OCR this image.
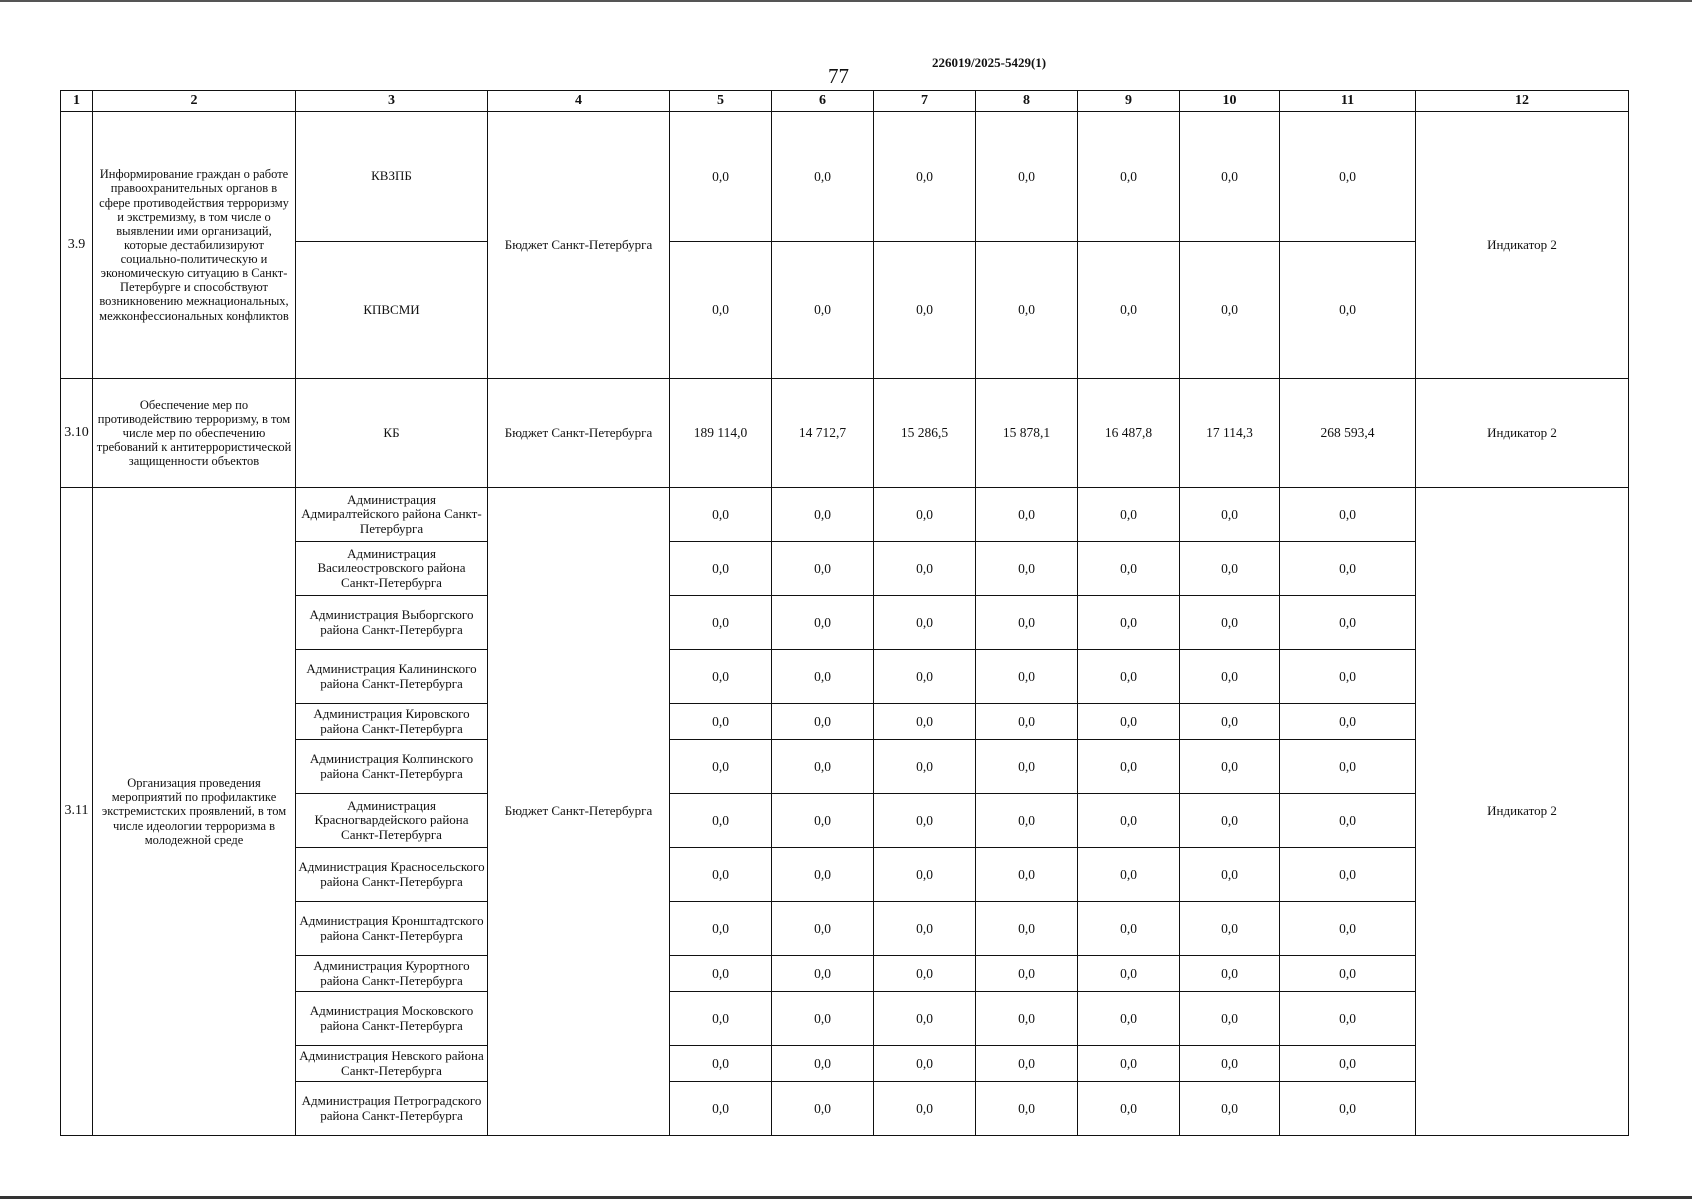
77
226019/2025-5429(1)
1	2	3	4	5	6	7	8	9	10	11	12
3.9	Информирование граждан о работе правоохранительных органов в сфере противодействия терроризму и экстремизму, в том числе о выявлении ими организаций, которые дестабилизируют социально-политическую и экономическую ситуацию в Санкт-Петербурге и способствуют возникновению межнациональных, межконфессиональных конфликтов	КВЗПБ	Бюджет Санкт-Петербурга	0,0	0,0	0,0	0,0	0,0	0,0	0,0	Индикатор 2
		КПВСМИ		0,0	0,0	0,0	0,0	0,0	0,0	0,0	
3.10	Обеспечение мер по противодействию терроризму, в том числе мер по обеспечению требований к антитеррористической защищенности объектов	КБ	Бюджет Санкт-Петербурга	189 114,0	14 712,7	15 286,5	15 878,1	16 487,8	17 114,3	268 593,4	Индикатор 2
3.11	Организация проведения мероприятий по профилактике экстремистских проявлений, в том числе идеологии терроризма в молодежной среде	Администрация Адмиралтейского района Санкт-Петербурга	Бюджет Санкт-Петербурга	0,0	0,0	0,0	0,0	0,0	0,0	0,0	Индикатор 2
		Администрация Василеостровского района Санкт-Петербурга		0,0	0,0	0,0	0,0	0,0	0,0	0,0	
		Администрация Выборгского района Санкт-Петербурга		0,0	0,0	0,0	0,0	0,0	0,0	0,0	
		Администрация Калининского района Санкт-Петербурга		0,0	0,0	0,0	0,0	0,0	0,0	0,0	
		Администрация Кировского района Санкт-Петербурга		0,0	0,0	0,0	0,0	0,0	0,0	0,0	
		Администрация Колпинского района Санкт-Петербурга		0,0	0,0	0,0	0,0	0,0	0,0	0,0	
		Администрация Красногвардейского района Санкт-Петербурга		0,0	0,0	0,0	0,0	0,0	0,0	0,0	
		Администрация Красносельского района Санкт-Петербурга		0,0	0,0	0,0	0,0	0,0	0,0	0,0	
		Администрация Кронштадтского района Санкт-Петербурга		0,0	0,0	0,0	0,0	0,0	0,0	0,0	
		Администрация Курортного района Санкт-Петербурга		0,0	0,0	0,0	0,0	0,0	0,0	0,0	
		Администрация Московского района Санкт-Петербурга		0,0	0,0	0,0	0,0	0,0	0,0	0,0	
		Администрация Невского района Санкт-Петербурга		0,0	0,0	0,0	0,0	0,0	0,0	0,0	
		Администрация Петроградского района Санкт-Петербурга		0,0	0,0	0,0	0,0	0,0	0,0	0,0	
